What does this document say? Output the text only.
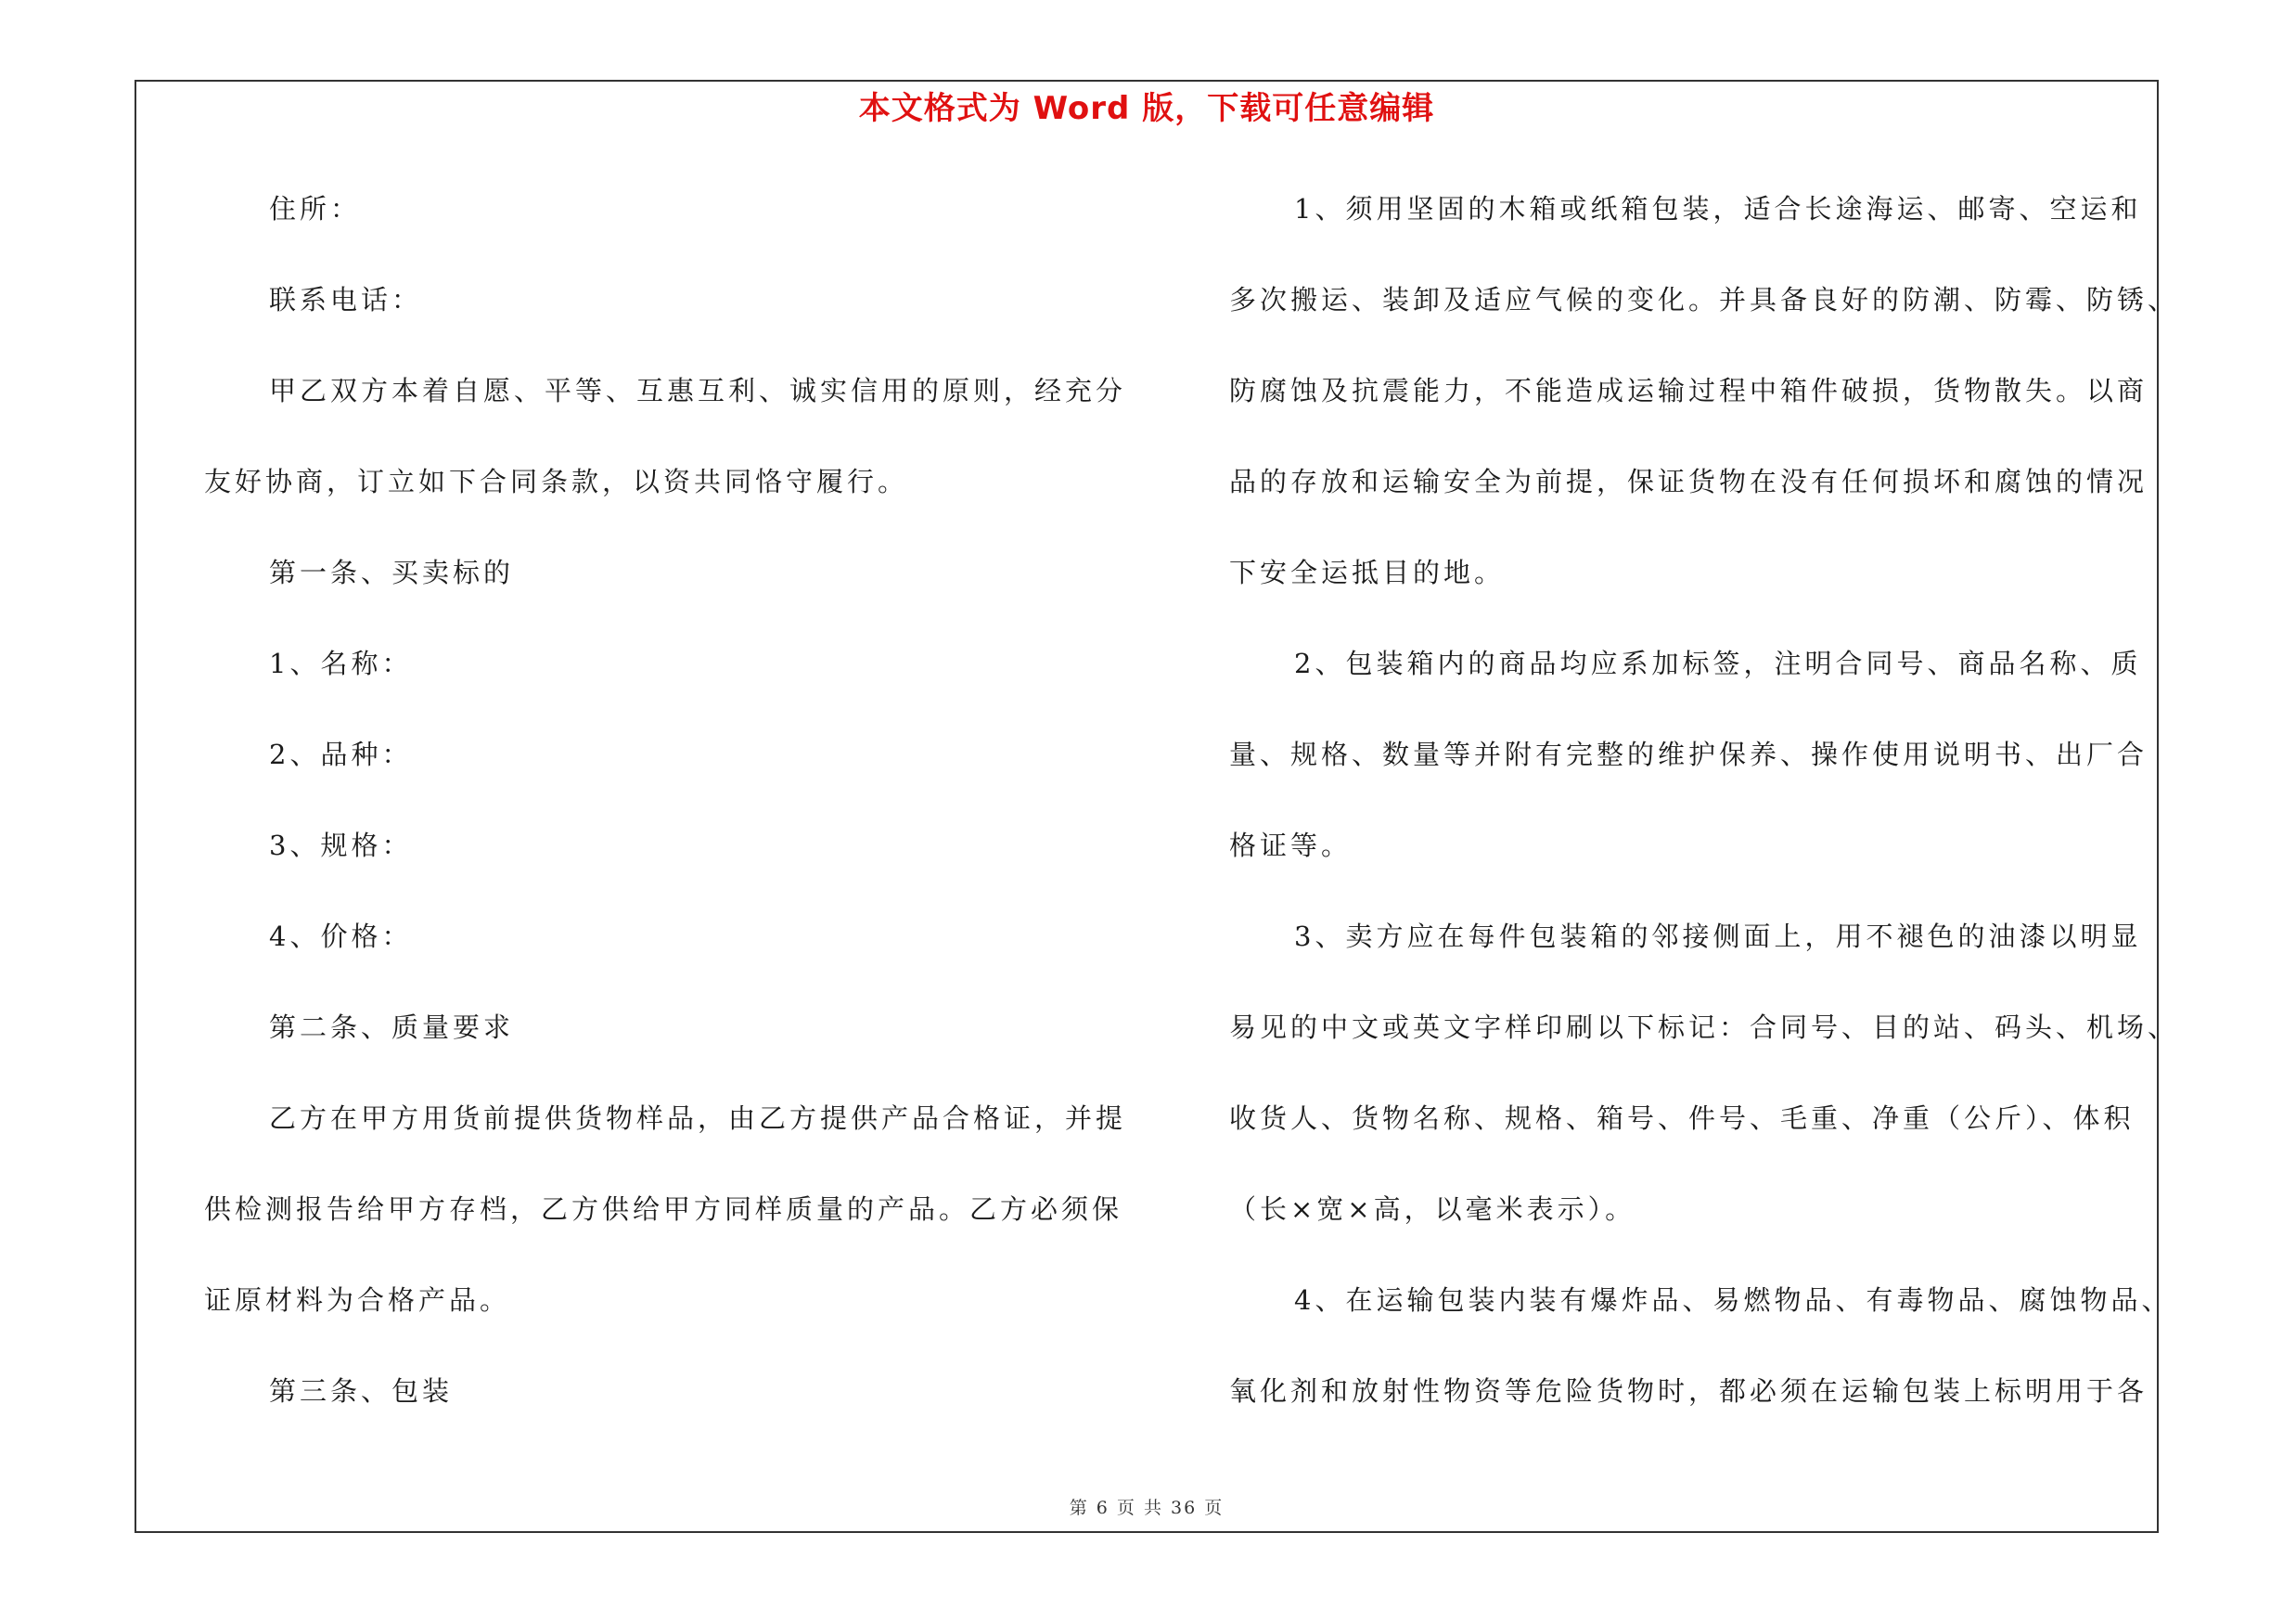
本文格式为 Word 版，下载可任意编辑
住所：
联系电话：
甲乙双方本着自愿、平等、互惠互利、诚实信用的原则，经充分
友好协商，订立如下合同条款，以资共同恪守履行。
第一条、买卖标的
1、名称：
2、品种：
3、规格：
4、价格：
第二条、质量要求
乙方在甲方用货前提供货物样品，由乙方提供产品合格证，并提
供检测报告给甲方存档，乙方供给甲方同样质量的产品。乙方必须保
证原材料为合格产品。
第三条、包装
1、须用坚固的木箱或纸箱包装，适合长途海运、邮寄、空运和
多次搬运、装卸及适应气候的变化。并具备良好的防潮、防霉、防锈、
防腐蚀及抗震能力，不能造成运输过程中箱件破损，货物散失。以商
品的存放和运输安全为前提，保证货物在没有任何损坏和腐蚀的情况
下安全运抵目的地。
2、包装箱内的商品均应系加标签，注明合同号、商品名称、质
量、规格、数量等并附有完整的维护保养、操作使用说明书、出厂合
格证等。
3、卖方应在每件包装箱的邻接侧面上，用不褪色的油漆以明显
易见的中文或英文字样印刷以下标记：合同号、目的站、码头、机场、
收货人、货物名称、规格、箱号、件号、毛重、净重（公斤）、体积
（长×宽×高，以毫米表示）。
4、在运输包装内装有爆炸品、易燃物品、有毒物品、腐蚀物品、
氧化剂和放射性物资等危险货物时，都必须在运输包装上标明用于各
第 6 页 共 36 页
